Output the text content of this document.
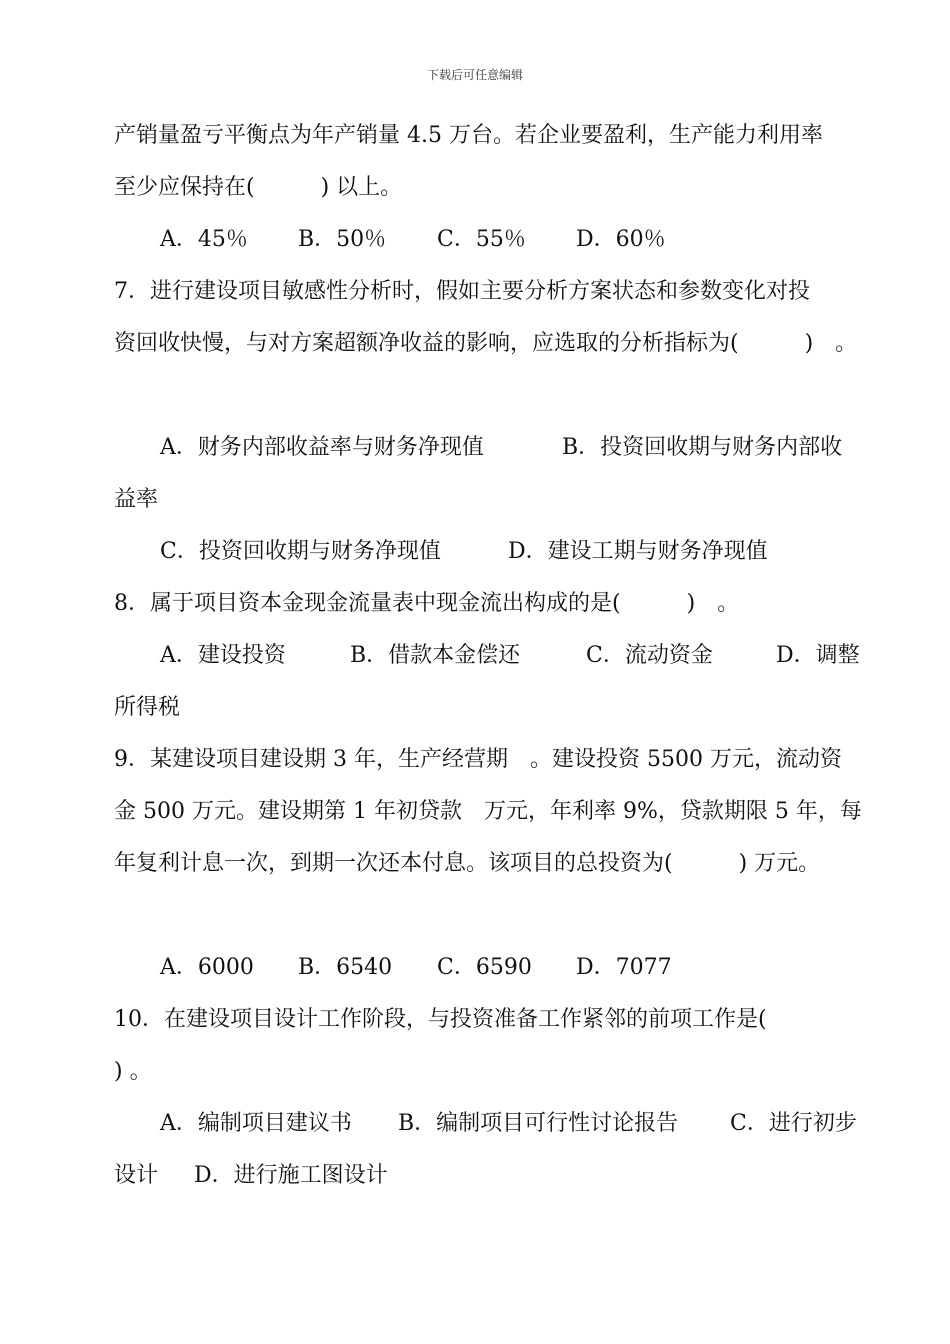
下载后可任意编辑
产销量盈亏平衡点为年产销量 4.5 万台。若企业要盈利，生产能力利用率
至少应保持在(　　　) 以上。
A．45％ B．50％ C．55％ D．60％
7．进行建设项目敏感性分析时，假如主要分析方案状态和参数变化对投
资回收快慢，与对方案超额净收益的影响，应选取的分析指标为(　　　)　。
A．财务内部收益率与财务净现值	B．投资回收期与财务内部收
益率
C．投资回收期与财务净现值	D．建设工期与财务净现值
8．属于项目资本金现金流量表中现金流出构成的是(　　　)　。
A．建设投资	B．借款本金偿还	C．流动资金	D．调整
所得税
9．某建设项目建设期 3 年，生产经营期　。建设投资 5500 万元，流动资
金 500 万元。建设期第 1 年初贷款　万元，年利率 9%，贷款期限 5 年，每
年复利计息一次，到期一次还本付息。该项目的总投资为(　　　) 万元。
A．6000 B．6540 C．6590 D．7077
10．在建设项目设计工作阶段，与投资准备工作紧邻的前项工作是(
) 。
A．编制项目建议书 B．编制项目可行性讨论报告 C．进行初步
设计 D．进行施工图设计
